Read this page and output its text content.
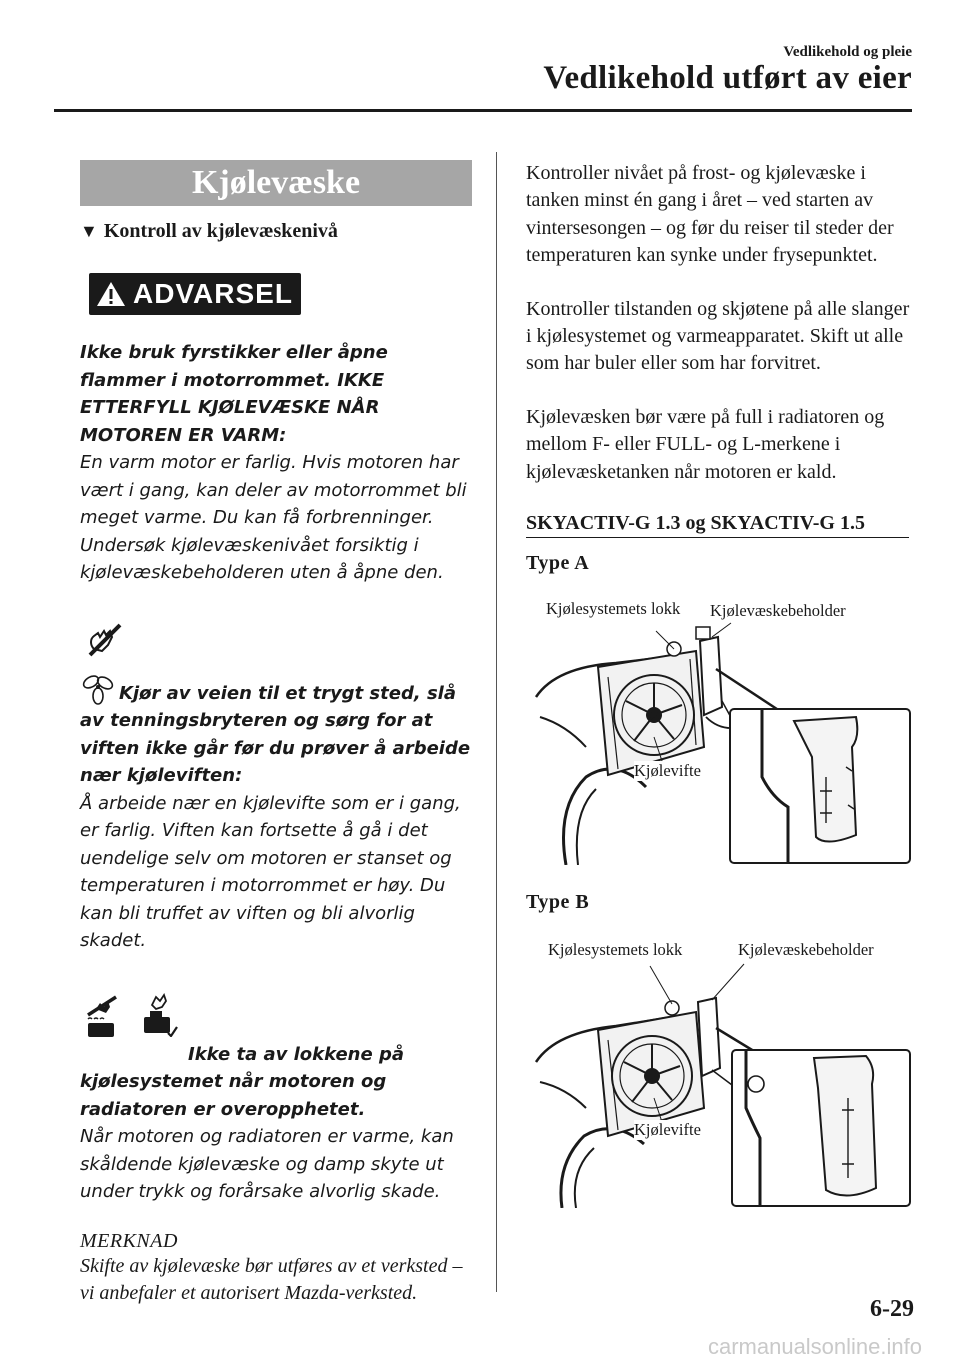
Vedlikehold og pleie
Vedlikehold utført av eier
Kjølevæske
▼ Kontroll av kjølevæskenivå
ADVARSEL
Ikke bruk fyrstikker eller åpne flammer i motorrommet. IKKE ETTERFYLL KJØLEVÆSKE NÅR MOTOREN ER VARM:
En varm motor er farlig. Hvis motoren har vært i gang, kan deler av motorrommet bli meget varme. Du kan få forbrenninger. Undersøk kjølevæskenivået forsiktig i kjølevæskebeholderen uten å åpne den.
Kjør av veien til et trygt sted, slå av tenningsbryteren og sørg for at viften ikke går før du prøver å arbeide nær kjøleviften:
Å arbeide nær en kjølevifte som er i gang, er farlig. Viften kan fortsette å gå i det uendelige selv om motoren er stanset og temperaturen i motorrommet er høy. Du kan bli truffet av viften og bli alvorlig skadet.
Ikke ta av lokkene på kjølesystemet når motoren og radiatoren er overopphetet.
Når motoren og radiatoren er varme, kan skåldende kjølevæske og damp skyte ut under trykk og forårsake alvorlig skade.
MERKNAD
Skifte av kjølevæske bør utføres av et verksted – vi anbefaler et autorisert Mazda-verksted.
Kontroller nivået på frost- og kjølevæske i tanken minst én gang i året – ved starten av vintersesongen – og før du reiser til steder der temperaturen kan synke under frysepunktet.
Kontroller tilstanden og skjøtene på alle slanger i kjølesystemet og varmeapparatet. Skift ut alle som har buler eller som har forvitret.
Kjølevæsken bør være på full i radiatoren og mellom F- eller FULL- og L-merkene i kjølevæsketanken når motoren er kald.
SKYACTIV-G 1.3 og SKYACTIV-G 1.5
Type A
Kjølesystemets lokk Kjølevæskebeholder
Kjølevifte
Type B
Kjølesystemets lokk	Kjølevæskebeholder
Kjølevifte
6-29
carmanualsonline.info
